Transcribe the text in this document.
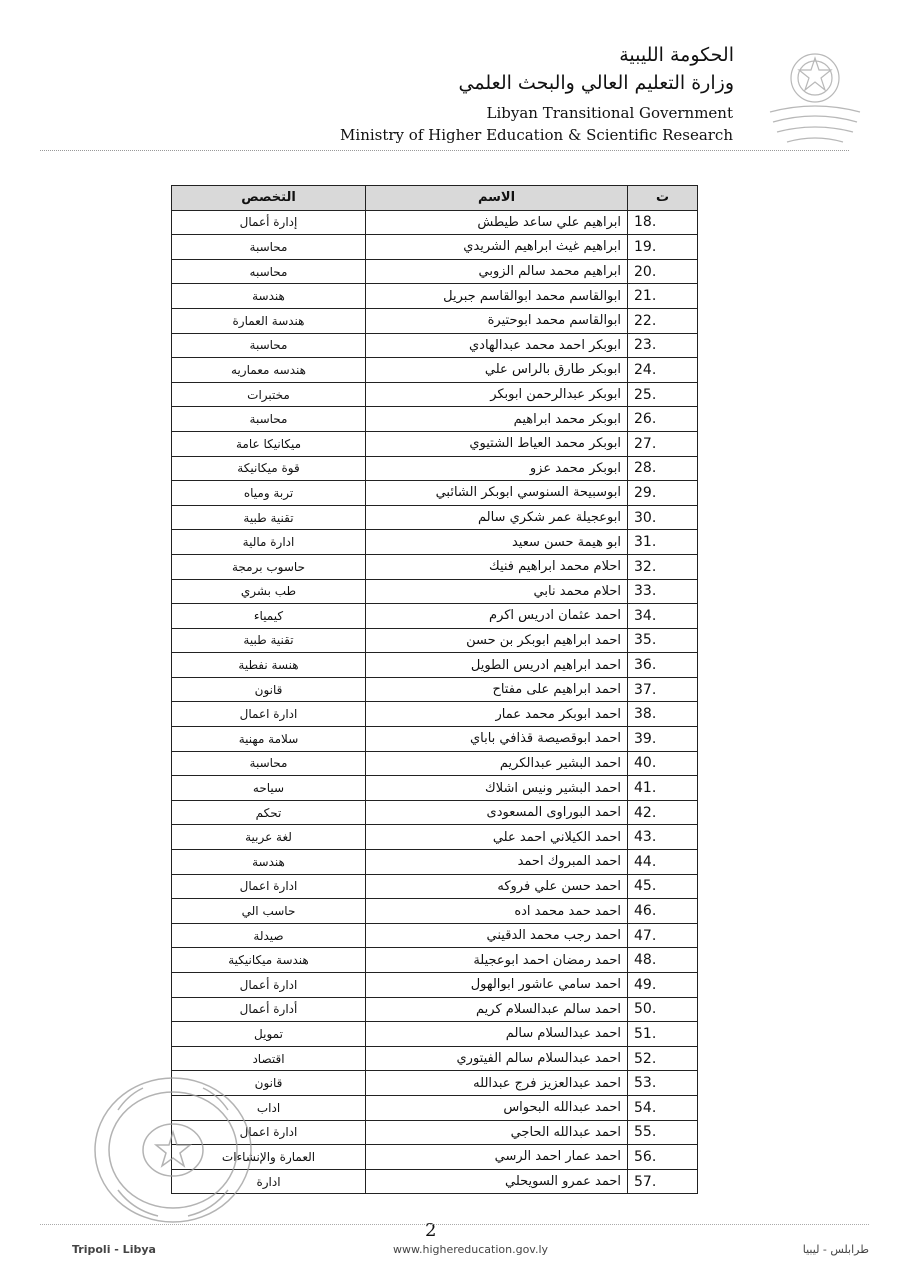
الحكومة الليبية
وزارة التعليم العالي والبحث العلمي
Libyan Transitional Government
Ministry of Higher Education & Scientific Research
ت	الاسم	التخصص
18.	ابراهيم علي ساعد طيطش	إدارة أعمال
19.	ابراهيم غيث ابراهيم الشريدي	محاسبة
20.	ابراهيم محمد سالم الزوبي	محاسبه
21.	ابوالقاسم محمد ابوالقاسم جبريل	هندسة
22.	ابوالقاسم محمد ابوحتيرة	هندسة العمارة
23.	ابوبكر احمد محمد عبدالهادي	محاسبة
24.	ابوبكر طارق بالراس علي	هندسه معماريه
25.	ابوبكر عبدالرحمن ابوبكر	مختبرات
26.	ابوبكر محمد ابراهيم	محاسبة
27.	ابوبكر محمد العياط الشتيوي	ميكانيكا عامة
28.	ابوبكر محمد عزو	قوة ميكانيكة
29.	ابوسبيحة السنوسي ابوبكر الشائبي	تربة ومياه
30.	ابوعجيلة عمر شكري سالم	تقنية طبية
31.	ابو هيمة حسن سعيد	ادارة مالية
32.	احلام محمد ابراهيم فنيك	حاسوب برمجة
33.	احلام محمد نابي	طب بشري
34.	احمد عثمان ادريس اكرم	كيمياء
35.	احمد ابراهيم ابوبكر بن حسن	تقنية طبية
36.	احمد ابراهيم ادريس الطويل	هنسة نفطية
37.	احمد ابراهيم على مفتاح	قانون
38.	احمد ابوبكر محمد عمار	ادارة اعمال
39.	احمد ابوقصيصة قذافي باباي	سلامة مهنية
40.	احمد البشير عبدالكريم	محاسبة
41.	احمد البشير ونيس اشلاك	سياحه
42.	احمد البوراوى المسعودى	تحكم
43.	احمد الكيلاني احمد علي	لغة عربية
44.	احمد المبروك احمد	هندسة
45.	احمد حسن علي فروكه	ادارة اعمال
46.	احمد حمد محمد اده	حاسب الي
47.	احمد رجب محمد الدقيني	صيدلة
48.	احمد رمضان احمد ابوعجيلة	هندسة ميكانيكية
49.	احمد سامي عاشور ابوالهول	ادارة أعمال
50.	احمد سالم عبدالسلام كريم	أدارة أعمال
51.	احمد عبدالسلام سالم	تمويل
52.	احمد عبدالسلام سالم الفيتوري	اقتصاد
53.	احمد عبدالعزيز فرج عبدالله	قانون
54.	احمد عبدالله البحواس	اداب
55.	احمد عبدالله الحاجي	ادارة اعمال
56.	احمد عمار احمد الرسي	العمارة والإنشاءات
57.	احمد عمرو السويحلي	ادارة
2
Tripoli - Libya	www.highereducation.gov.ly	طرابلس - ليبيا
